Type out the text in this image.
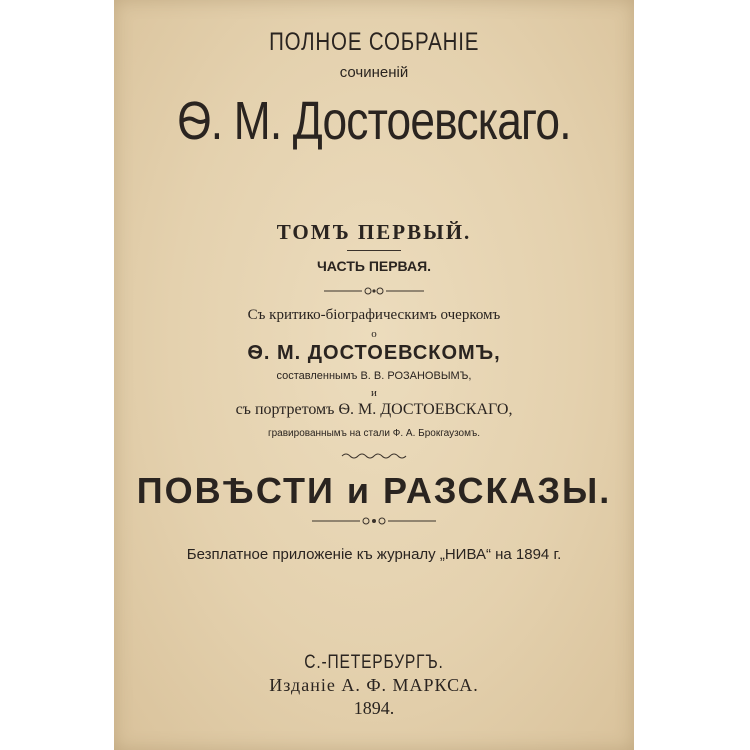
ПОЛНОЕ СОБРАНІЕ
сочиненій
Ѳ. М. Достоевскаго.
ТОМЪ ПЕРВЫЙ.
ЧАСТЬ ПЕРВАЯ.
Съ критико-біографическимъ очеркомъ
о
Ѳ. М. ДОСТОЕВСКОМЪ,
составленнымъ В. В. РОЗАНОВЫМЪ,
и
съ портретомъ Ѳ. М. ДОСТОЕВСКАГО,
гравированнымъ на стали Ф. А. Брокгаузомъ.
ПОВѢСТИ и РАЗСКАЗЫ.
Безплатное приложеніе къ журналу „НИВА“ на 1894 г.
С.-ПЕТЕРБУРГЪ.
Изданіе А. Ф. МАРКСА.
1894.
